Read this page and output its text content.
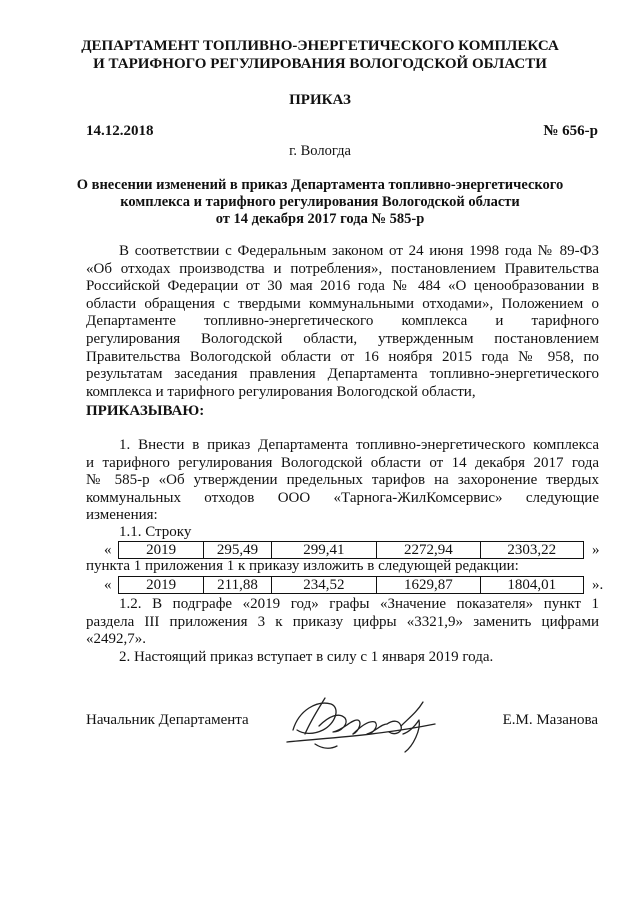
ДЕПАРТАМЕНТ ТОПЛИВНО-ЭНЕРГЕТИЧЕСКОГО КОМПЛЕКСА
И ТАРИФНОГО РЕГУЛИРОВАНИЯ ВОЛОГОДСКОЙ ОБЛАСТИ
ПРИКАЗ
14.12.2018	№ 656-р
г. Вологда
О внесении изменений в приказ Департамента топливно-энергетического
комплекса и тарифного регулирования Вологодской области
от 14 декабря 2017 года № 585-р
В соответствии с Федеральным законом от 24 июня 1998 года № 89-ФЗ
«Об отходах производства и потребления», постановлением Правительства
Российской Федерации от 30 мая 2016 года № 484 «О ценообразовании в
области обращения с твердыми коммунальными отходами», Положением о
Департаменте топливно-энергетического комплекса и тарифного
регулирования Вологодской области, утвержденным постановлением
Правительства Вологодской области от 16 ноября 2015 года № 958, по
результатам заседания правления Департамента топливно-энергетического
комплекса и тарифного регулирования Вологодской области,
ПРИКАЗЫВАЮ:
1. Внести в приказ Департамента топливно-энергетического комплекса
и тарифного регулирования Вологодской области от 14 декабря 2017 года
№ 585-р «Об утверждении предельных тарифов на захоронение твердых
коммунальных отходов ООО «Тарнога-ЖилКомсервис» следующие
изменения:
1.1. Строку
« 2019	295,49	299,41	2272,94	2303,22 »
пункта 1 приложения 1 к приказу изложить в следующей редакции:
« 2019	211,88	234,52	1629,87	1804,01 ».
1.2. В подграфе «2019 год» графы «Значение показателя» пункт 1
раздела III приложения 3 к приказу цифры «3321,9» заменить цифрами
«2492,7».
2. Настоящий приказ вступает в силу с 1 января 2019 года.
Начальник Департамента	Е.М. Мазанова
